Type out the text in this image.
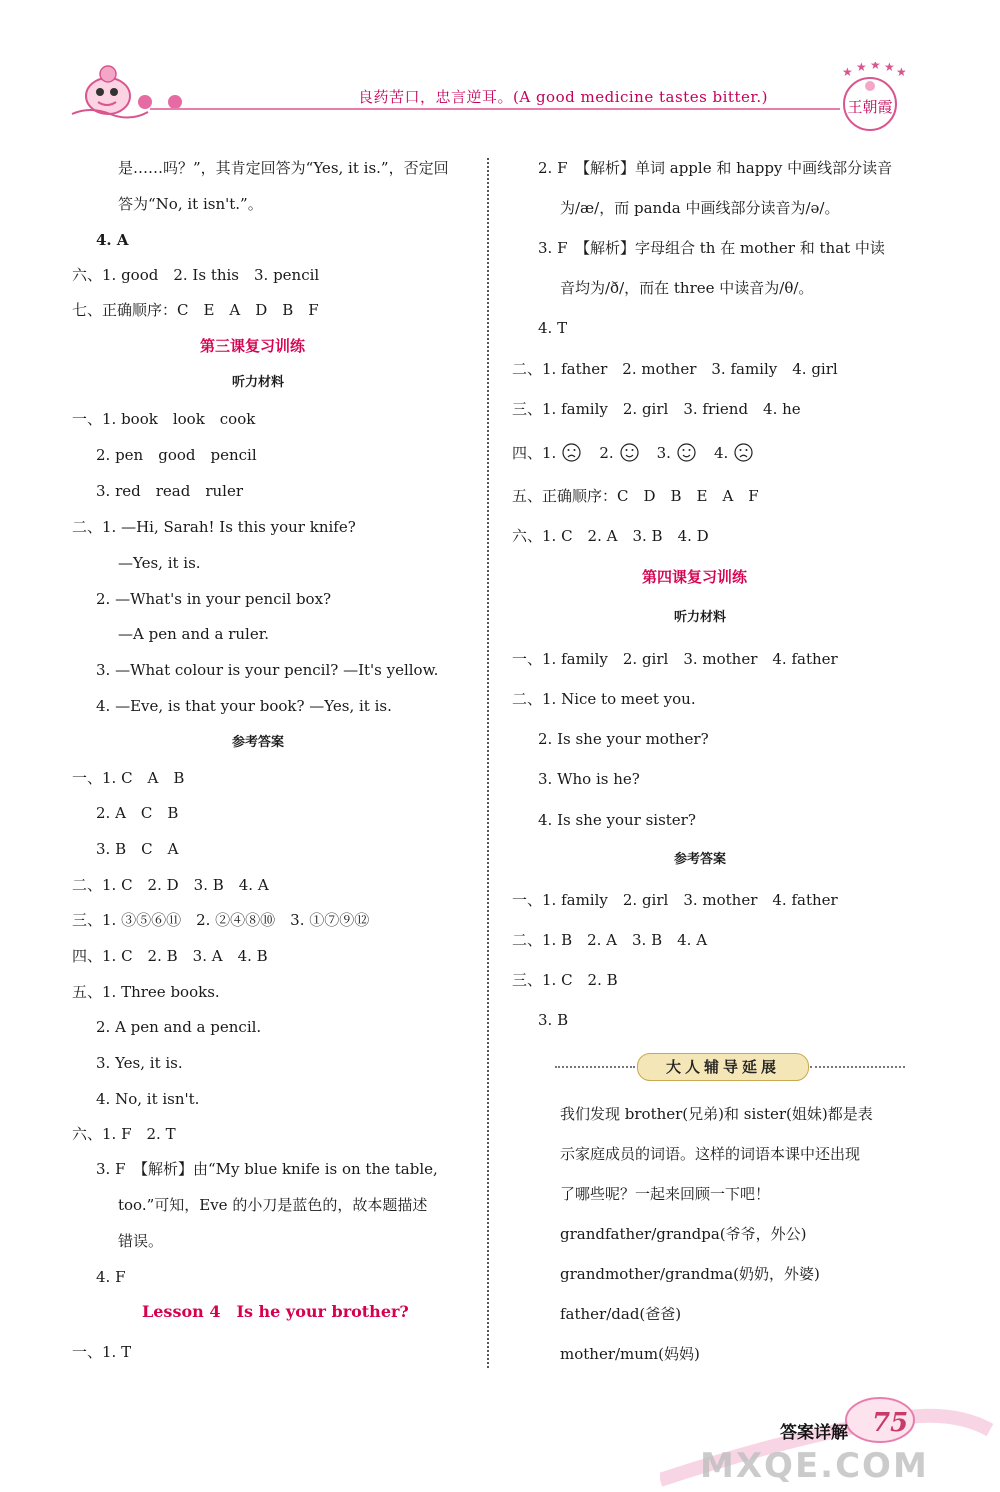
良药苦口，忠言逆耳。(A good medicine tastes bitter.)
★ ★ ★ ★ ★
王朝霞
是……吗？”，其肯定回答为“Yes, it is.”，否定回
答为“No, it isn't.”。
4. A
六、1. good　2. Is this　3. pencil
七、正确顺序：C　E　A　D　B　F
第三课复习训练
听力材料
一、1. book　look　cook
2. pen　good　pencil
3. red　read　ruler
二、1. —Hi, Sarah! Is this your knife?
—Yes, it is.
2. —What's in your pencil box?
—A pen and a ruler.
3. —What colour is your pencil? —It's yellow.
4. —Eve, is that your book? —Yes, it is.
参考答案
一、1. C　A　B
2. A　C　B
3. B　C　A
二、1. C　2. D　3. B　4. A
三、1. ③⑤⑥⑪　2. ②④⑧⑩　3. ①⑦⑨⑫
四、1. C　2. B　3. A　4. B
五、1. Three books.
2. A pen and a pencil.
3. Yes, it is.
4. No, it isn't.
六、1. F　2. T
3. F　【解析】由“My blue knife is on the table,
too.”可知，Eve 的小刀是蓝色的，故本题描述
错误。
4. F
Lesson 4　Is he your brother?
一、1. T
四、1.	2.	3.	4.
2. F　【解析】单词 apple 和 happy 中画线部分读音
为/æ/，而 panda 中画线部分读音为/ə/。
3. F　【解析】字母组合 th 在 mother 和 that 中读
音均为/ð/，而在 three 中读音为/θ/。
4. T
二、1. father　2. mother　3. family　4. girl
三、1. family　2. girl　3. friend　4. he
五、正确顺序：C　D　B　E　A　F
六、1. C　2. A　3. B　4. D
第四课复习训练
听力材料
一、1. family　2. girl　3. mother　4. father
二、1. Nice to meet you.
2. Is she your mother?
3. Who is he?
4. Is she your sister?
参考答案
一、1. family　2. girl　3. mother　4. father
二、1. B　2. A　3. B　4. A
三、1. C　2. B
3. B
我们发现 brother(兄弟)和 sister(姐妹)都是表
示家庭成员的词语。这样的词语本课中还出现
了哪些呢？一起来回顾一下吧！
grandfather/grandpa(爷爷，外公)
grandmother/grandma(奶奶，外婆)
father/dad(爸爸)
mother/mum(妈妈)
大人辅导延展
答案详解 75
MXQE.COM
